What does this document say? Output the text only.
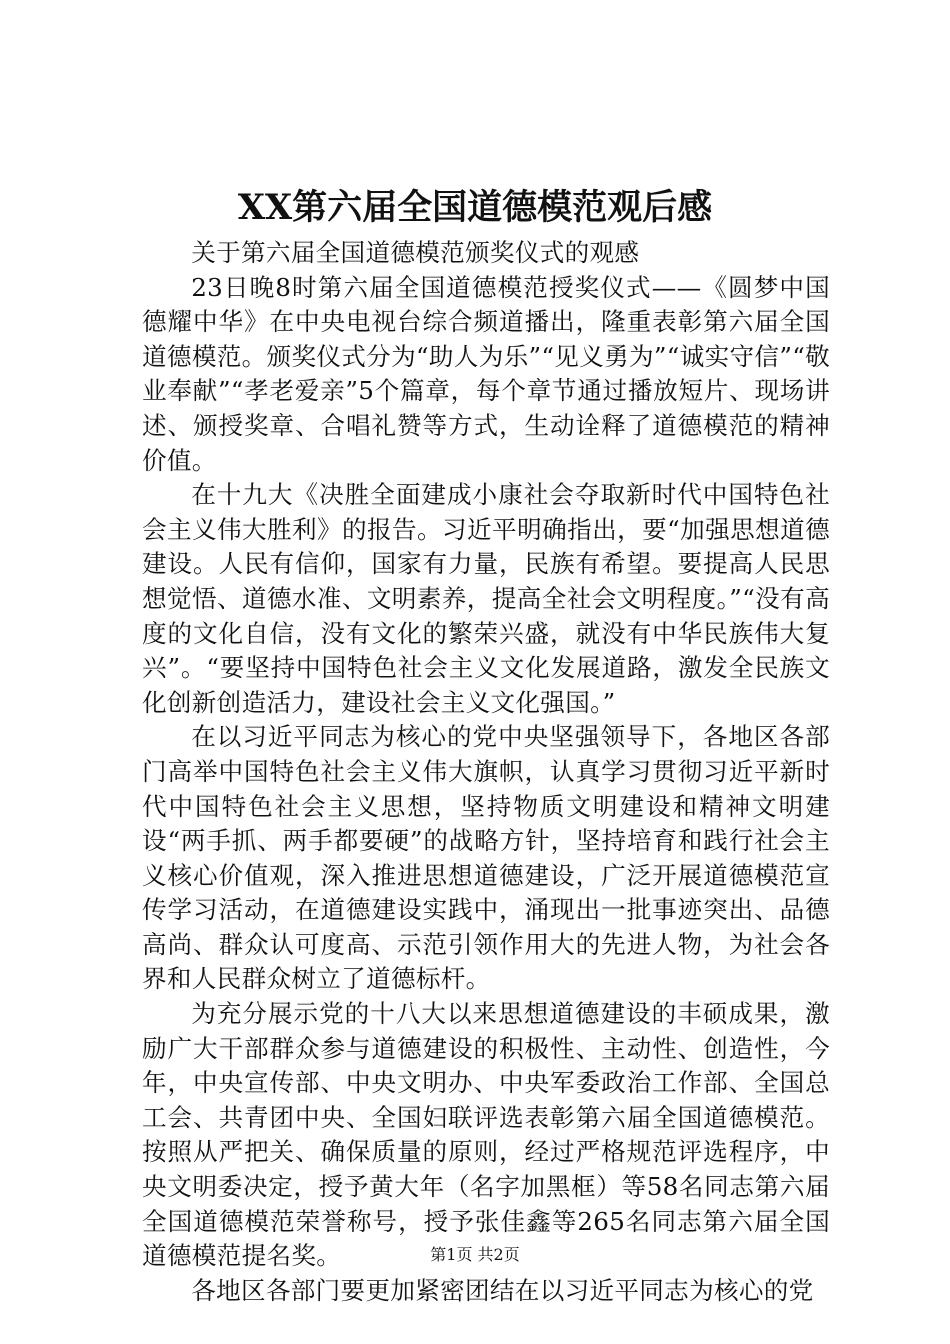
XX第六届全国道德模范观后感

关于第六届全国道德模范颁奖仪式的观感

23日晚8时第六届全国道德模范授奖仪式——《圆梦中国德耀中华》在中央电视台综合频道播出，隆重表彰第六届全国道德模范。颁奖仪式分为“助人为乐”“见义勇为”“诚实守信”“敬业奉献”“孝老爱亲”5个篇章，每个章节通过播放短片、现场讲述、颁授奖章、合唱礼赞等方式，生动诠释了道德模范的精神价值。

在十九大《决胜全面建成小康社会夺取新时代中国特色社会主义伟大胜利》的报告。习近平明确指出，要“加强思想道德建设。人民有信仰，国家有力量，民族有希望。要提高人民思想觉悟、道德水准、文明素养，提高全社会文明程度。”“没有高度的文化自信，没有文化的繁荣兴盛，就没有中华民族伟大复兴”。“要坚持中国特色社会主义文化发展道路，激发全民族文化创新创造活力，建设社会主义文化强国。”

在以习近平同志为核心的党中央坚强领导下，各地区各部门高举中国特色社会主义伟大旗帜，认真学习贯彻习近平新时代中国特色社会主义思想，坚持物质文明建设和精神文明建设“两手抓、两手都要硬”的战略方针，坚持培育和践行社会主义核心价值观，深入推进思想道德建设，广泛开展道德模范宣传学习活动，在道德建设实践中，涌现出一批事迹突出、品德高尚、群众认可度高、示范引领作用大的先进人物，为社会各界和人民群众树立了道德标杆。

为充分展示党的十八大以来思想道德建设的丰硕成果，激励广大干部群众参与道德建设的积极性、主动性、创造性，今年，中央宣传部、中央文明办、中央军委政治工作部、全国总工会、共青团中央、全国妇联评选表彰第六届全国道德模范。按照从严把关、确保质量的原则，经过严格规范评选程序，中央文明委决定，授予黄大年（名字加黑框）等58名同志第六届全国道德模范荣誉称号，授予张佳鑫等265名同志第六届全国道德模范提名奖。

各地区各部门要更加紧密团结在以习近平同志为核心的党

第1页 共2页
